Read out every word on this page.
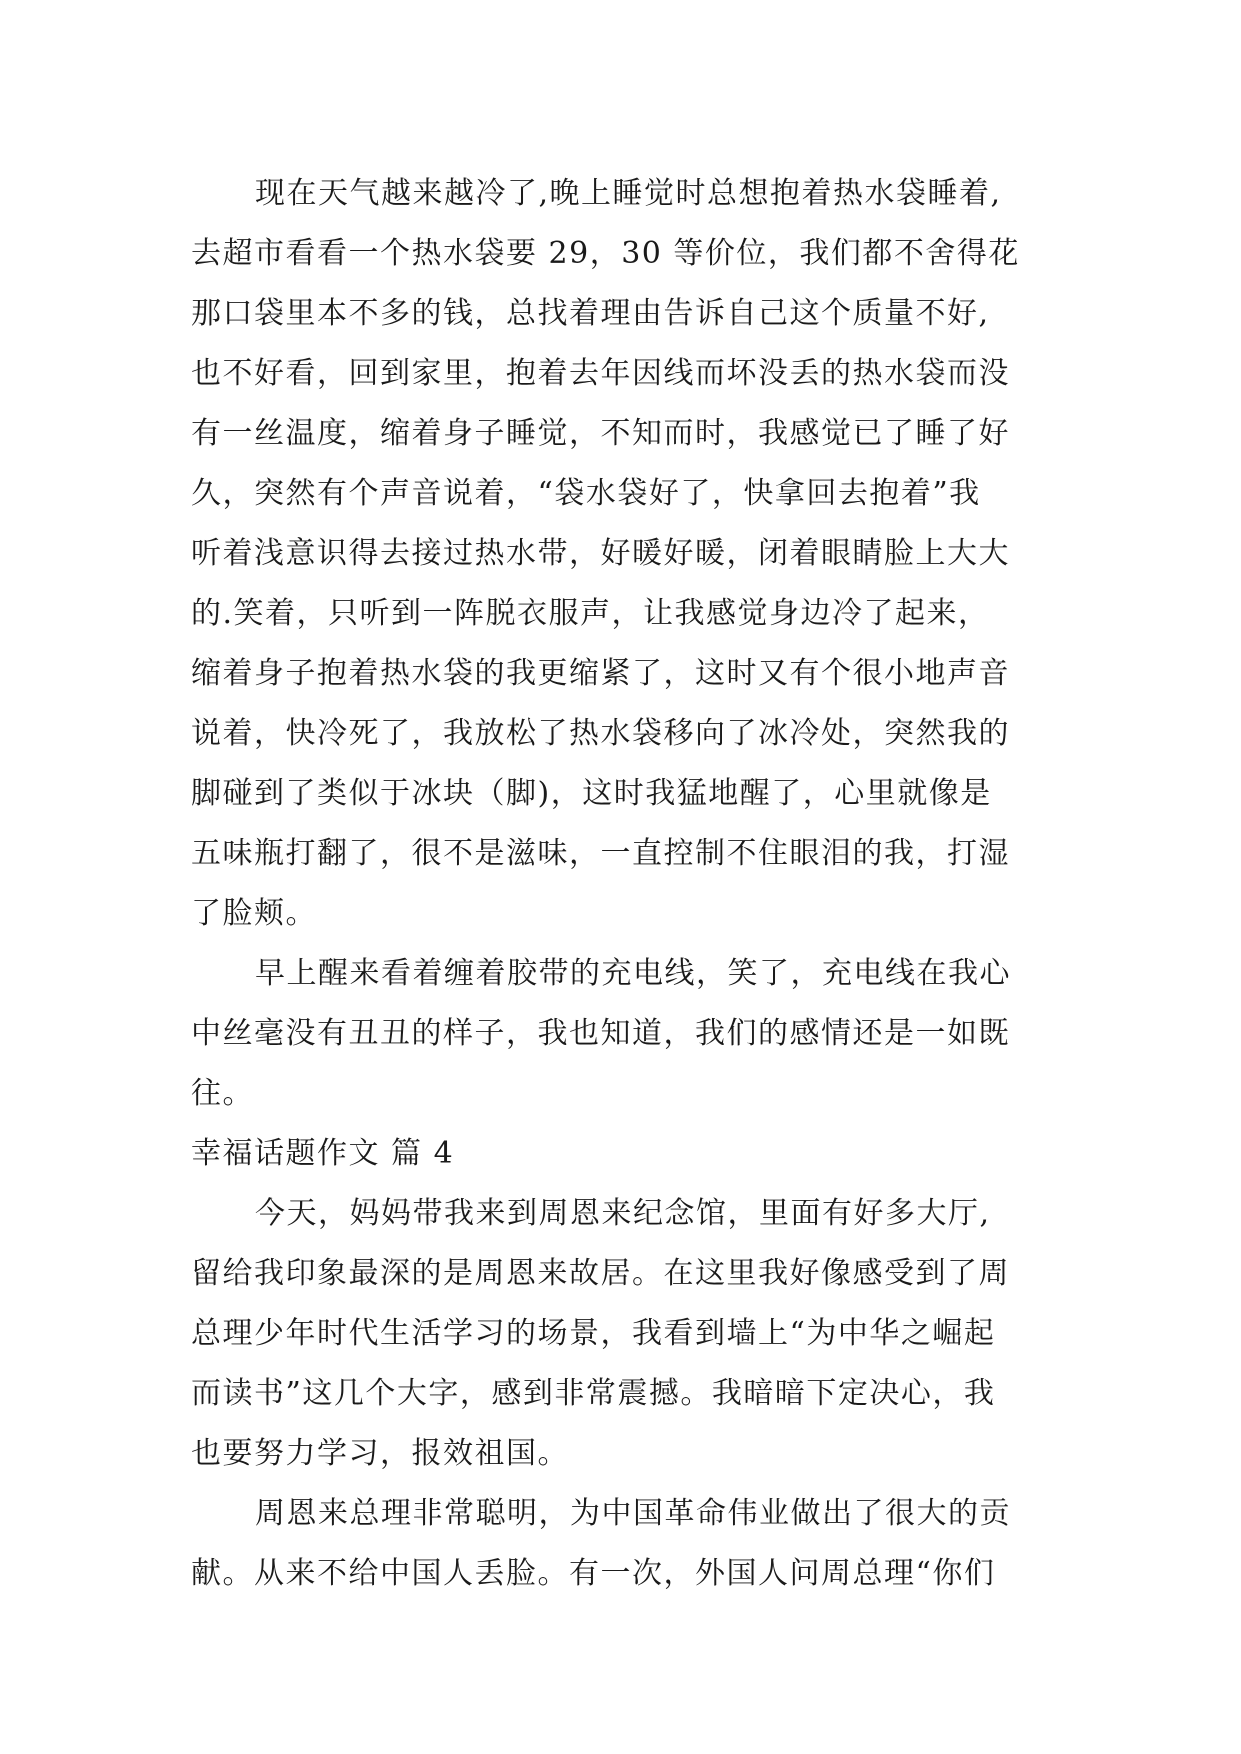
现在天气越来越冷了,晚上睡觉时总想抱着热水袋睡着,
去超市看看一个热水袋要 29，30 等价位，我们都不舍得花
那口袋里本不多的钱，总找着理由告诉自己这个质量不好,
也不好看，回到家里，抱着去年因线而坏没丢的热水袋而没
有一丝温度，缩着身子睡觉，不知而时，我感觉已了睡了好
久，突然有个声音说着，“袋水袋好了，快拿回去抱着”我
听着浅意识得去接过热水带，好暖好暖，闭着眼睛脸上大大
的.笑着，只听到一阵脱衣服声，让我感觉身边冷了起来，
缩着身子抱着热水袋的我更缩紧了，这时又有个很小地声音
说着，快冷死了，我放松了热水袋移向了冰冷处，突然我的
脚碰到了类似于冰块（脚)，这时我猛地醒了，心里就像是
五味瓶打翻了，很不是滋味，一直控制不住眼泪的我，打湿
了脸颊。
早上醒来看着缠着胶带的充电线，笑了，充电线在我心
中丝毫没有丑丑的样子，我也知道，我们的感情还是一如既
往。
幸福话题作文 篇 4
今天，妈妈带我来到周恩来纪念馆，里面有好多大厅,
留给我印象最深的是周恩来故居。在这里我好像感受到了周
总理少年时代生活学习的场景，我看到墙上“为中华之崛起
而读书”这几个大字，感到非常震撼。我暗暗下定决心，我
也要努力学习，报效祖国。
周恩来总理非常聪明，为中国革命伟业做出了很大的贡
献。从来不给中国人丢脸。有一次，外国人问周总理“你们
